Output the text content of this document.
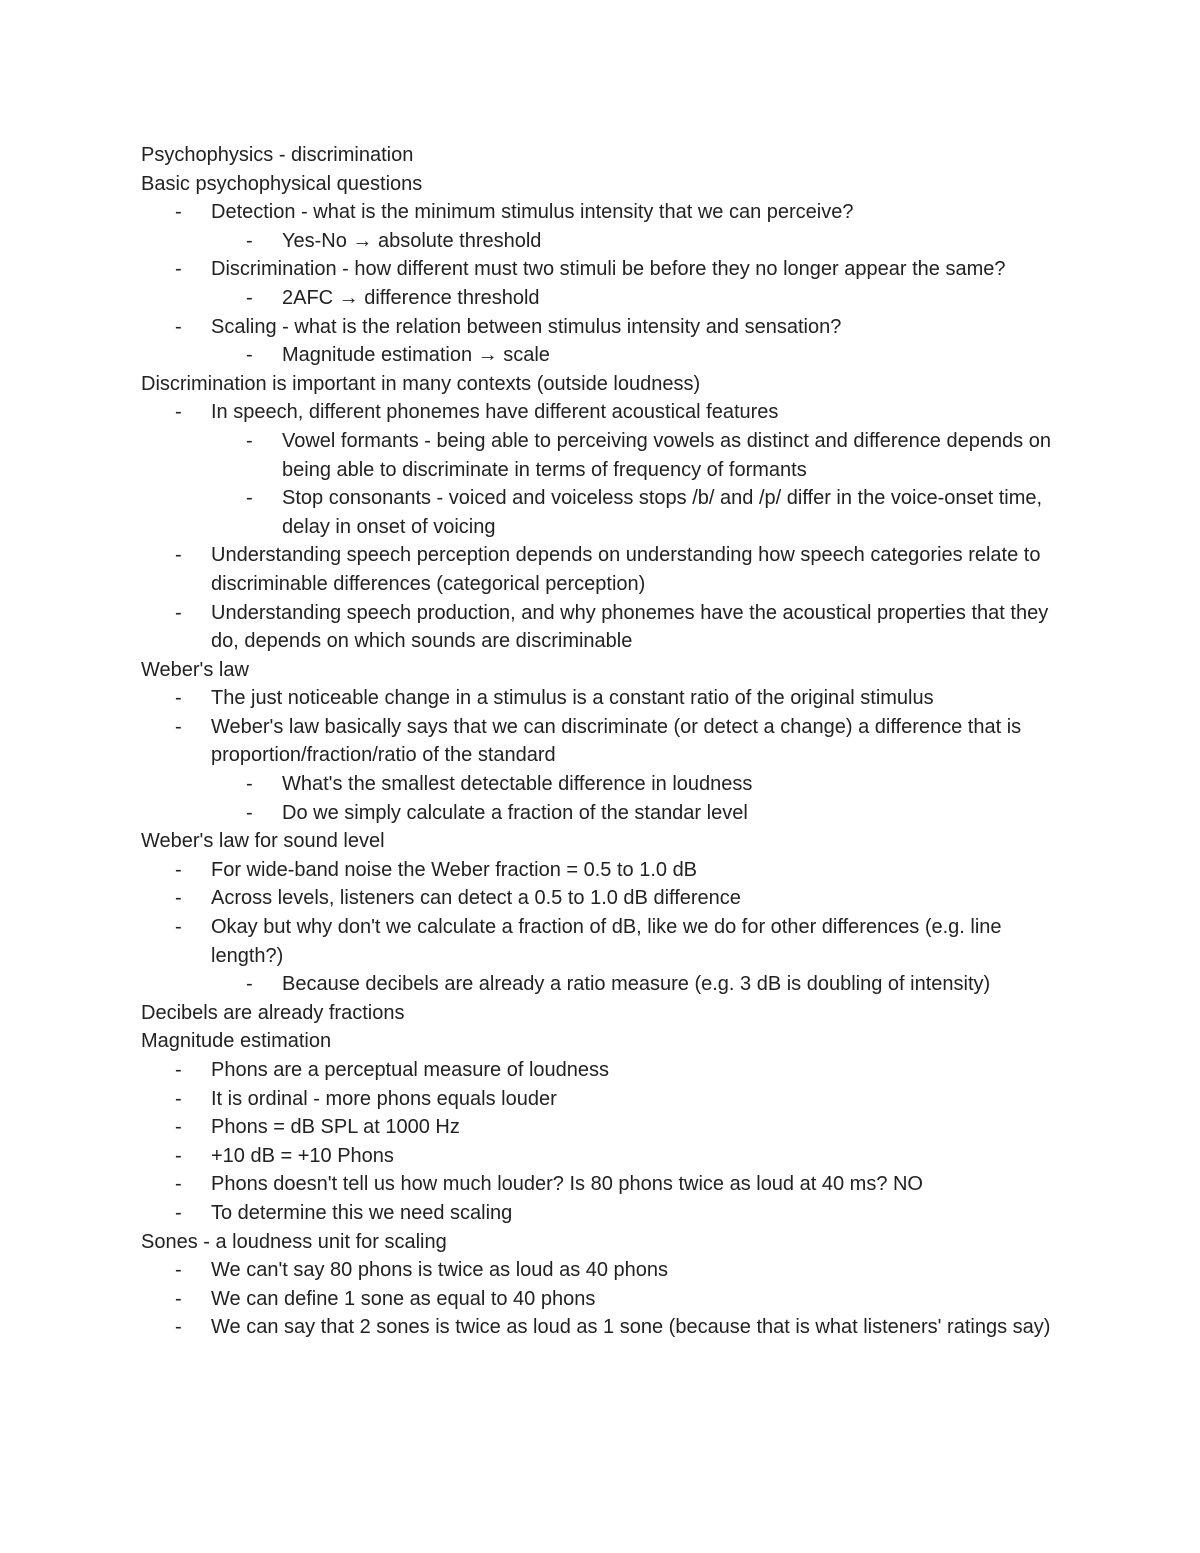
Psychophysics - discrimination
Basic psychophysical questions
- Detection - what is the minimum stimulus intensity that we can perceive?
- Yes-No → absolute threshold
- Discrimination - how different must two stimuli be before they no longer appear the same?
- 2AFC → difference threshold
- Scaling - what is the relation between stimulus intensity and sensation?
- Magnitude estimation → scale
Discrimination is important in many contexts (outside loudness)
- In speech, different phonemes have different acoustical features
- Vowel formants - being able to perceiving vowels as distinct and difference depends on being able to discriminate in terms of frequency of formants
- Stop consonants - voiced and voiceless stops /b/ and /p/ differ in the voice-onset time, delay in onset of voicing
- Understanding speech perception depends on understanding how speech categories relate to discriminable differences (categorical perception)
- Understanding speech production, and why phonemes have the acoustical properties that they do, depends on which sounds are discriminable
Weber's law
- The just noticeable change in a stimulus is a constant ratio of the original stimulus
- Weber's law basically says that we can discriminate (or detect a change) a difference that is proportion/fraction/ratio of the standard
- What's the smallest detectable difference in loudness
- Do we simply calculate a fraction of the standar level
Weber's law for sound level
- For wide-band noise the Weber fraction = 0.5 to 1.0 dB
- Across levels, listeners can detect a 0.5 to 1.0 dB difference
- Okay but why don't we calculate a fraction of dB, like we do for other differences (e.g. line length?)
- Because decibels are already a ratio measure (e.g. 3 dB is doubling of intensity)
Decibels are already fractions
Magnitude estimation
- Phons are a perceptual measure of loudness
- It is ordinal - more phons equals louder
- Phons = dB SPL at 1000 Hz
- +10 dB = +10 Phons
- Phons doesn't tell us how much louder? Is 80 phons twice as loud at 40 ms? NO
- To determine this we need scaling
Sones - a loudness unit for scaling
- We can't say 80 phons is twice as loud as 40 phons
- We can define 1 sone as equal to 40 phons
- We can say that 2 sones is twice as loud as 1 sone (because that is what listeners' ratings say)
